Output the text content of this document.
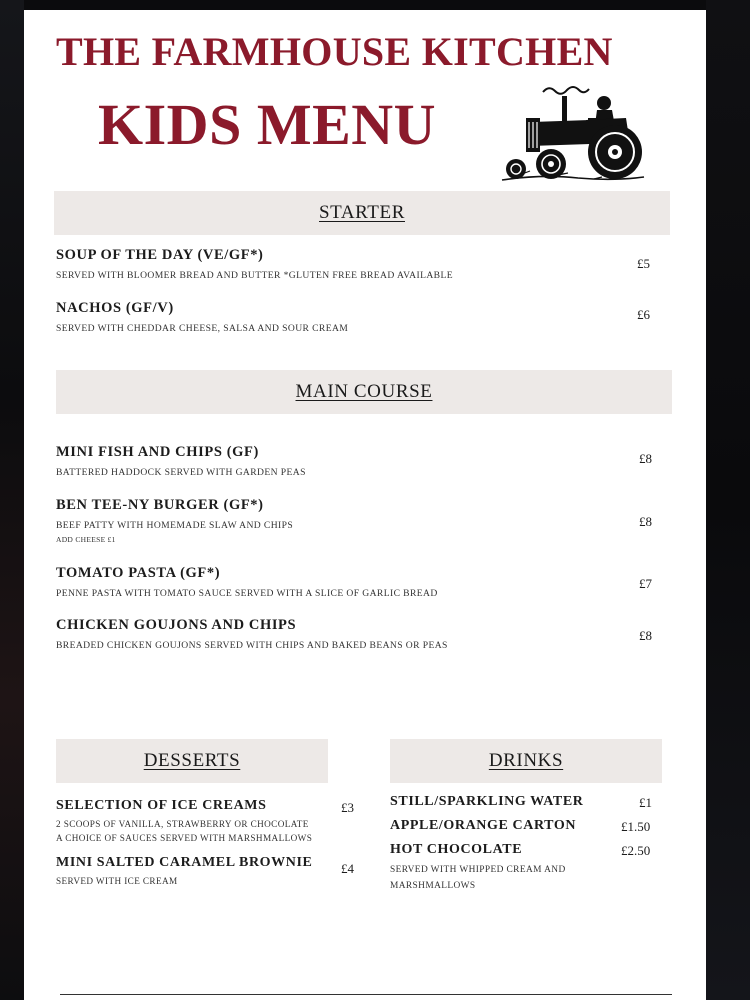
THE FARMHOUSE KITCHEN
KIDS MENU
STARTER
SOUP OF THE DAY (VE/GF*)
SERVED WITH BLOOMER BREAD AND BUTTER *GLUTEN FREE BREAD AVAILABLE
£5
NACHOS (GF/V)
SERVED WITH CHEDDAR CHEESE, SALSA AND SOUR CREAM
£6
MAIN COURSE
MINI FISH AND CHIPS (GF)
BATTERED HADDOCK SERVED WITH GARDEN PEAS
£8
BEN TEE-NY BURGER (GF*)
BEEF PATTY WITH HOMEMADE SLAW AND CHIPS
ADD CHEESE £1
£8
TOMATO PASTA (GF*)
PENNE PASTA WITH TOMATO SAUCE SERVED WITH A SLICE OF GARLIC BREAD
£7
CHICKEN GOUJONS AND CHIPS
BREADED CHICKEN GOUJONS SERVED WITH CHIPS AND BAKED BEANS OR PEAS
£8
DESSERTS
SELECTION OF ICE CREAMS
2 SCOOPS OF VANILLA, STRAWBERRY OR CHOCOLATE
A CHOICE OF SAUCES SERVED WITH MARSHMALLOWS
£3
MINI SALTED CARAMEL BROWNIE
SERVED WITH ICE CREAM
£4
DRINKS
STILL/SPARKLING WATER	£1
APPLE/ORANGE CARTON	£1.50
HOT CHOCOLATE	£2.50
SERVED WITH WHIPPED CREAM AND MARSHMALLOWS
